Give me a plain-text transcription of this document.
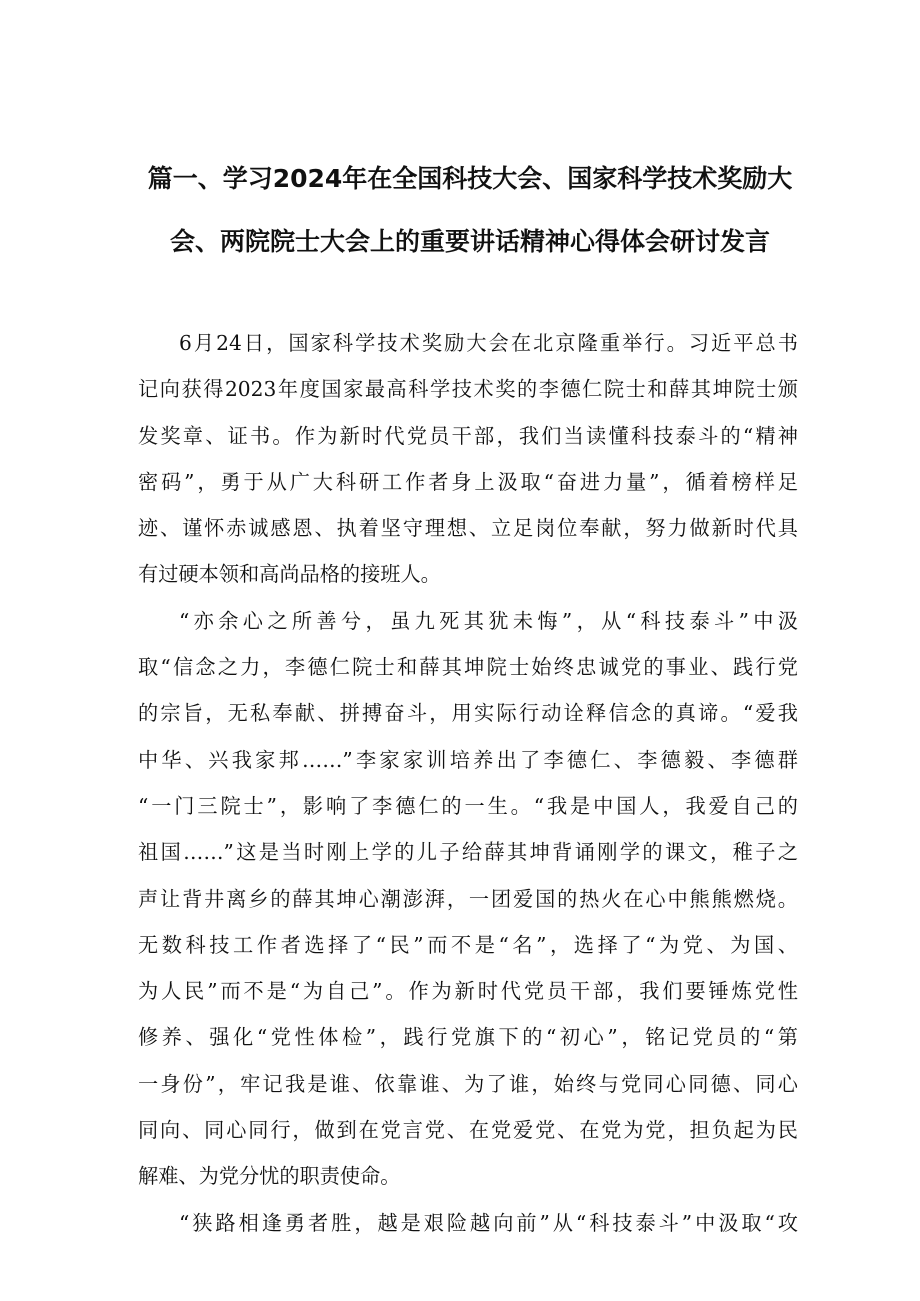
篇一、学习2024年在全国科技大会、国家科学技术奖励大
会、两院院士大会上的重要讲话精神心得体会研讨发言
6月24日，国家科学技术奖励大会在北京隆重举行。习近平总书
记向获得2023年度国家最高科学技术奖的李德仁院士和薛其坤院士颁
发奖章、证书。作为新时代党员干部，我们当读懂科技泰斗的“精神
密码”，勇于从广大科研工作者身上汲取“奋进力量”，循着榜样足
迹、谨怀赤诚感恩、执着坚守理想、立足岗位奉献，努力做新时代具
有过硬本领和高尚品格的接班人。
“亦余心之所善兮，虽九死其犹未悔”，从“科技泰斗”中汲
取“信念之力，李德仁院士和薛其坤院士始终忠诚党的事业、践行党
的宗旨，无私奉献、拼搏奋斗，用实际行动诠释信念的真谛。“爱我
中华、兴我家邦……”李家家训培养出了李德仁、李德毅、李德群
“一门三院士”，影响了李德仁的一生。“我是中国人，我爱自己的
祖国……”这是当时刚上学的儿子给薛其坤背诵刚学的课文，稚子之
声让背井离乡的薛其坤心潮澎湃，一团爱国的热火在心中熊熊燃烧。
无数科技工作者选择了“民”而不是“名”，选择了“为党、为国、
为人民”而不是“为自己”。作为新时代党员干部，我们要锤炼党性
修养、强化“党性体检”，践行党旗下的“初心”，铭记党员的“第
一身份”，牢记我是谁、依靠谁、为了谁，始终与党同心同德、同心
同向、同心同行，做到在党言党、在党爱党、在党为党，担负起为民
解难、为党分忧的职责使命。
“狭路相逢勇者胜，越是艰险越向前”从“科技泰斗”中汲取“攻
